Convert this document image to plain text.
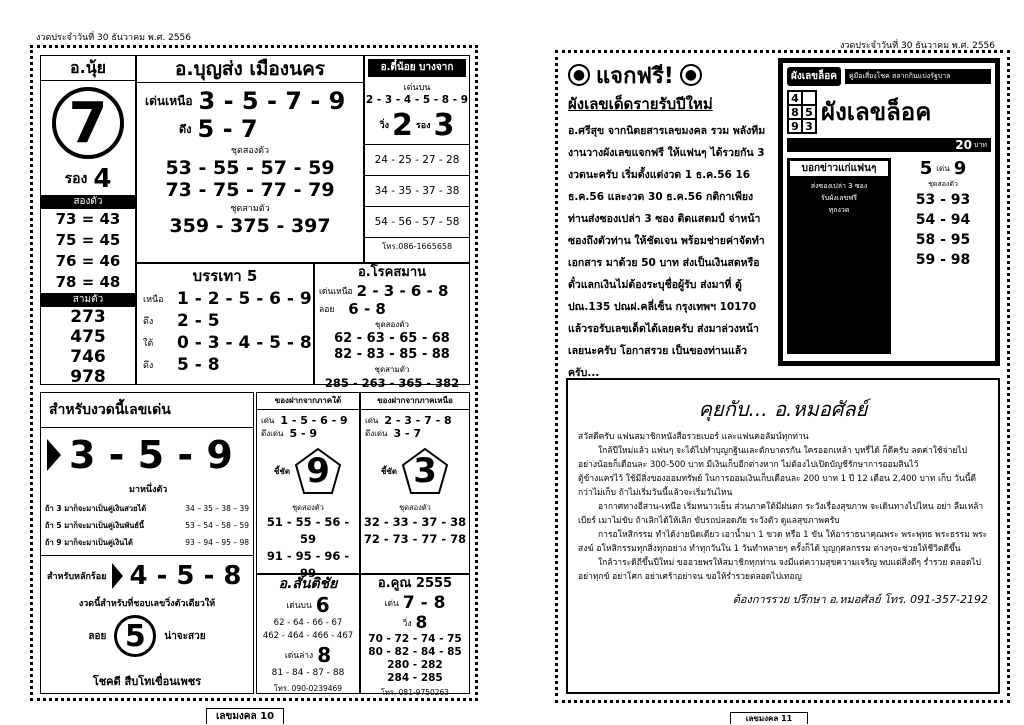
งวดประจำวันที่ 30 ธันวาคม พ.ศ. 2556
อ.นุ้ย
7
รอง 4
สองตัว
73 = 43
75 = 45
76 = 46
78 = 48
สามตัว
273
475
746
978
อ.บุญส่ง เมืองนคร
เด่นเหนือ 3 - 5 - 7 - 9
ดึง 5 - 7
ชุดสองตัว
53 - 55 - 57 - 59
73 - 75 - 77 - 79
ชุดสามตัว
359 - 375 - 397
อ.ตี๋น้อย บางจาก
เด่นบน
2 - 3 - 4 - 5 - 8 - 9
วิ่ง 2 รอง 3
24 - 25 - 27 - 28
34 - 35 - 37 - 38
54 - 56 - 57 - 58
โทร.086-1665658
บรรเทา 5
เหนือ 1 - 2 - 5 - 6 - 9
ดึง	2 - 5
ใต้	0 - 3 - 4 - 5 - 8
ดึง	5 - 8
อ.โรคสมาน
เด่นเหนือ 2 - 3 - 6 - 8
ลอย 6 - 8
ชุดสองตัว
62 - 63 - 65 - 68
82 - 83 - 85 - 88
ชุดสามตัว
285 - 263 - 365 - 382
สำหรับงวดนี้เลขเด่น
3 - 5 - 9
มาหนึ่งตัว
ถ้า 3 มาก็จะมาเป็นคู่เงินสวยได้	34 – 35 – 38 – 39
ถ้า 5 มาก็จะมาเป็นคู่เงินพันธ์นี้	53 – 54 – 58 – 59
ถ้า 9 มาก็จะมาเป็นคู่เงินได้	93 – 94 – 95 – 98
สำหรับหลักร้อย 4 - 5 - 8
งวดนี้สำหรับที่ชอบเลขวิ่งตัวเดียวให้
ลอย 5 น่าจะสวย
โชคดี สืบโทเขื่อนเพชร
ของฝากจากภาคใต้
เด่น 1 - 5 - 6 - 9
ดึงเด่น 5 - 9
ชี้ชัด 9
ชุดสองตัว
51 - 55 - 56 - 59
91 - 95 - 96 - 99
ของฝากจากภาคเหนือ
เด่น 2 - 3 - 7 - 8
ดึงเด่น 3 - 7
ชี้ชัด 3
ชุดสองตัว
32 - 33 - 37 - 38
72 - 73 - 77 - 78
อ.สันติชัย
เด่นบน 6
62 - 64 - 66 - 67
462 - 464 - 466 - 467
เด่นล่าง 8
81 - 84 - 87 - 88
โทร. 090-0239469
อ.คูณ 2555
เด่น 7 - 8
วิ่ง 8
70 - 72 - 74 - 75
80 - 82 - 84 - 85
280 - 282
284 - 285
โทร. 081-9750263
เลขมงคล 10
งวดประจำวันที่ 30 ธันวาคม พ.ศ. 2556
● แจกฟรี! ●
ผังเลขเด็ดรายรับปีใหม่
อ.ศรีสุข จากนิตยสารเลขมงคล รวม พลังทีมงานวางผังเลขแจกฟรี ให้แฟนๆ ได้รวยกัน 3 งวดนะครับ เริ่มตั้งแต่งวด 1 ธ.ค.56 16 ธ.ค.56 และงวด 30 ธ.ค.56 กติกาเพียงท่านส่งซองเปล่า 3 ซอง ติดแสตมป์ จ่าหน้าซองถึงตัวท่าน ให้ชัดเจน พร้อมช่ายค่าจัดทำเอกสาร มาด้วย 50 บาท ส่งเป็นเงินสดหรือ ตั๋วแลกเงินไม่ต้องระบุชื่อผู้รับ ส่งมาที่ ตู้ปณ.135 ปณฝ.คลี่เซ็น กรุงเทพฯ 10170 แล้วรอรับเลขเด็ดได้เลยครับ ส่งมาล่วงหน้าเลยนะครับ โอกาสรวย เป็นของท่านแล้วครับ...
ผังเลขล็อค	คู่มือเสี่ยงโชค สลากกินแบ่งรัฐบาล
4
8 5
9 3
ผังเลขล็อค
20 บาท
บอกข่าวแก่แฟนๆ
ส่งซองเปล่า 3 ซอง
รับผังเลขฟรี
ทุกงวด
5 เด่น 9
ชุดสองตัว
53 - 93
54 - 94
58 - 95
59 - 98
คุยกับ... อ.หมอศัลย์
สวัสดีครับ แฟนสมาชิกหนังสือรวยเบอร์ และแฟนคอลัมน์ทุกท่าน
ใกล้ปีใหม่แล้ว แฟนๆ จะได้ไปทำบุญกฐินและตักบาตรกัน ใครออกเหล้า บุหรี่ได้ ก็ดีครับ ลดค่าใช้จ่ายไป อย่างน้อยก็เดือนละ 300-500 บาท มีเงินเก็บอีกต่างหาก ไม่ต้องไปเปิดบัญชีรักษาการออมสินไว้
ตู้ข้างแคร่ไว้ ใช้มีสิ่งของออมทรัพย์ ในการออมเงินเก็บเดือนละ 200 บาท 1 ปี 12 เดือน 2,400 บาท เก็บ วันนี้ดีกว่าไม่เก็บ ถ้าไม่เริ่มวันนี้แล้วจะเริ่มวันไหน
อากาศทางอีสาน-เหนือ เริ่มหนาวเย็น ส่วนภาคใต้มีฝนตก ระวังเรื่องสุขภาพ จะเดินทางไปไหน อย่า ลืมเหล้า เบียร์ เมาไม่ขับ ถ้าเลิกได้ให้เลิก ขับรถปลอดภัย ระวังตัว ดูแลสุขภาพครับ
การอโหสิกรรม ทำได้ง่ายนิดเดียว เอาน้ำมา 1 ขวด หรือ 1 ขัน ให้อาราธนาคุณพระ พระพุทธ พระธรรม พระสงฆ์ อโหสิกรรมทุกสิ่งทุกอย่าง ทำทุกวันใน 1 วันทำหลายๆ ครั้งก็ได้ บุญกุศลกรรม ต่างๆจะช่วยให้ชีวิตดีขึ้น
ใกล้วาระดิถีขึ้นปีใหม่ ขออวยพรให้สมาชิกทุกท่าน จงมีแต่ความสุขความเจริญ พบแต่สิ่งดีๆ ร่ำรวย ตลอดไป อย่าทุกข์ อย่าโศก อย่าเศร้าอย่าจน ขอให้ร่ำรวยตลอดไปเทอญ
ต้องการรวย ปรึกษา อ.หมอศัลย์ โทร. 091-357-2192
เลขมงคล 11
